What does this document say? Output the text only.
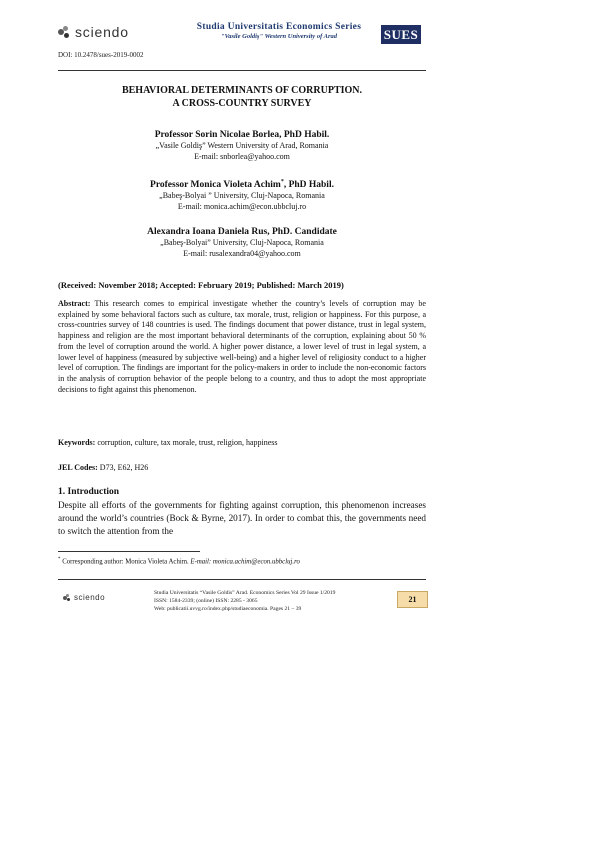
sciendo	Studia Universitatis Economics Series
"Vasile Goldiş" Western University of Arad	SUES
DOI: 10.2478/sues-2019-0002
BEHAVIORAL DETERMINANTS OF CORRUPTION.
A CROSS-COUNTRY SURVEY
Professor Sorin Nicolae Borlea, PhD Habil.
„Vasile Goldiş” Western University of Arad, Romania
E-mail: snborlea@yahoo.com
Professor Monica Violeta Achim*, PhD Habil.
„Babeş-Bolyai ” University, Cluj-Napoca, Romania
E-mail: monica.achim@econ.ubbcluj.ro
Alexandra Ioana Daniela Rus, PhD. Candidate
„Babeş-Bolyai” University, Cluj-Napoca, Romania
E-mail: rusalexandra04@yahoo.com
(Received: November 2018; Accepted: February 2019; Published: March 2019)
Abstract: This research comes to empirical investigate whether the country’s levels of corruption may be explained by some behavioral factors such as culture, tax morale, trust, religion or happiness. For this purpose, a cross-countries survey of 148 countries is used. The findings document that power distance, trust in legal system, happiness and religion are the most important behavioral determinants of the corruption, explaining about 50 % from the level of corruption around the world. A higher power distance, a lower level of trust in legal system, a lower level of happiness (measured by subjective well-being) and a higher level of religiosity conduct to a higher level of corruption. The findings are important for the policy-makers in order to include the non-economic factors in the analysis of corruption behavior of the people belong to a country, and thus to adopt the most appropriate decisions to fight against this phenomenon.
Keywords: corruption, culture, tax morale, trust, religion, happiness
JEL Codes: D73, E62, H26
1. Introduction
Despite all efforts of the governments for fighting against corruption, this phenomenon increases around the world’s countries (Bock & Byrne, 2017). In order to combat this, the governments need to switch the attention from the
* Corresponding author: Monica Violeta Achim. E-mail: monica.achim@econ.ubbcluj.ro
sciendo	Studia Universitatis “Vasile Goldis” Arad. Economics Series Vol 29 Issue 1/2019
ISSN: 1584-2339; (online) ISSN: 2285 - 3065
Web: publicatii.uvvg.ro/index.php/studiaeconomia. Pages 21 – 39
21
